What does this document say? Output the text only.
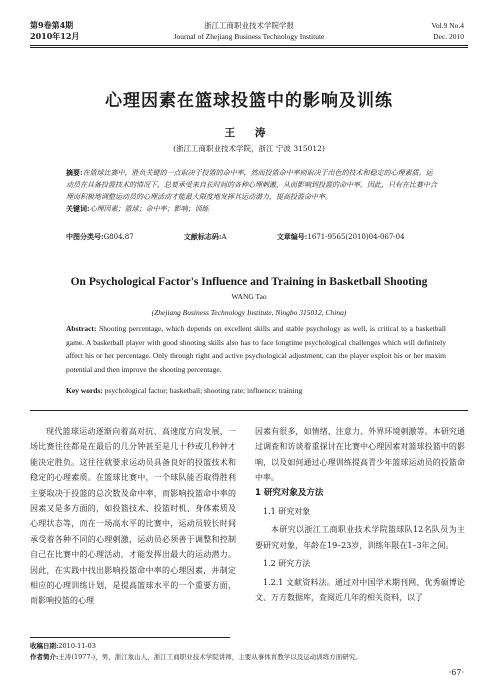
第9卷第4期
2010年12月
浙江工商职业技术学院学报
Journal of Zhejiang Business Technology Institute
Vol.9 No.4
Dec. 2010
心理因素在篮球投篮中的影响及训练
王 涛
(浙江工商职业技术学院，浙江 宁波 315012)
摘要:在篮球比赛中，胜负关键的一点取决于投篮的命中率，然而投篮命中率则取决于出色的技术和稳定的心理素质。运动员在具备投篮技术的情况下，总要承受来自长时间的各种心理刺激，从而影响到投篮的命中率。因此，只有在比赛中合理而积极地调整运动员的心理活动才能最大限度地发挥其运动潜力，提高投篮命中率。
关键词:心理因素；篮球；命中率；影响；训练
中图分类号:G804.87	文献标志码:A	文章编号:1671-9565(2010)04-067-04
On Psychological Factor's Influence and Training in Basketball Shooting
WANG Tao
(Zhejiang Business Technology Institute, Ningbo 315012, China)
Abstract: Shooting percentage, which depends on excellent skills and stable psychology as well, is critical to a basketball game. A basketball player with good shooting skills also has to face longtime psychological challenges which will definitely affect his or her percentage. Only through right and active psychological adjustment, can the player exploit his or her maxim potential and then improve the shooting percentage.
Key words: psychological factor; basketball; shooting rate; influence; training

现代篮球运动逐渐向着高对抗、高速度方向发展，一场比赛往往都是在最后的几分钟甚至是几十秒或几秒钟才能决定胜负。这往往就要求运动员具备良好的投篮技术和稳定的心理素质。在篮球比赛中，一个球队能否取得胜利主要取决于投篮的总次数及命中率，而影响投篮命中率的因素又是多方面的，如投篮技术、投篮时机、身体素质及心理状态等，而在一场高水平的比赛中，运动员较长时间承受着各种不同的心理刺激，运动员必须善于调整和控制自己在比赛中的心理活动，才能发挥出最大的运动潜力。因此，在实践中找出影响投篮命中率的心理因素，并制定相应的心理训练计划，是提高篮球水平的一个重要方面，而影响投篮的心理

因素有很多，如情绪、注意力、外界环境刺激等。本研究通过调查和访谈着重探讨在比赛中心理因素对篮球投篮中的影响，以及如何通过心理训练提高青少年篮球运动员的投篮命中率。

1 研究对象及方法

1.1 研究对象

本研究以浙江工商职业技术学院篮球队12名队员为主要研究对象，年龄在19–23岁，训练年限在1–3年之间。

1.2 研究方法

1.2.1 文献资料法。通过对中国学术期刊网、优秀硕博论文、万方数据库，查阅近几年的相关资料，以了

收稿日期:2010-11-03
作者简介:王涛(1977-)，男，浙江象山人，浙江工商职业技术学院讲师，主要从事体育教学以及运动训练方面研究。
·67·
